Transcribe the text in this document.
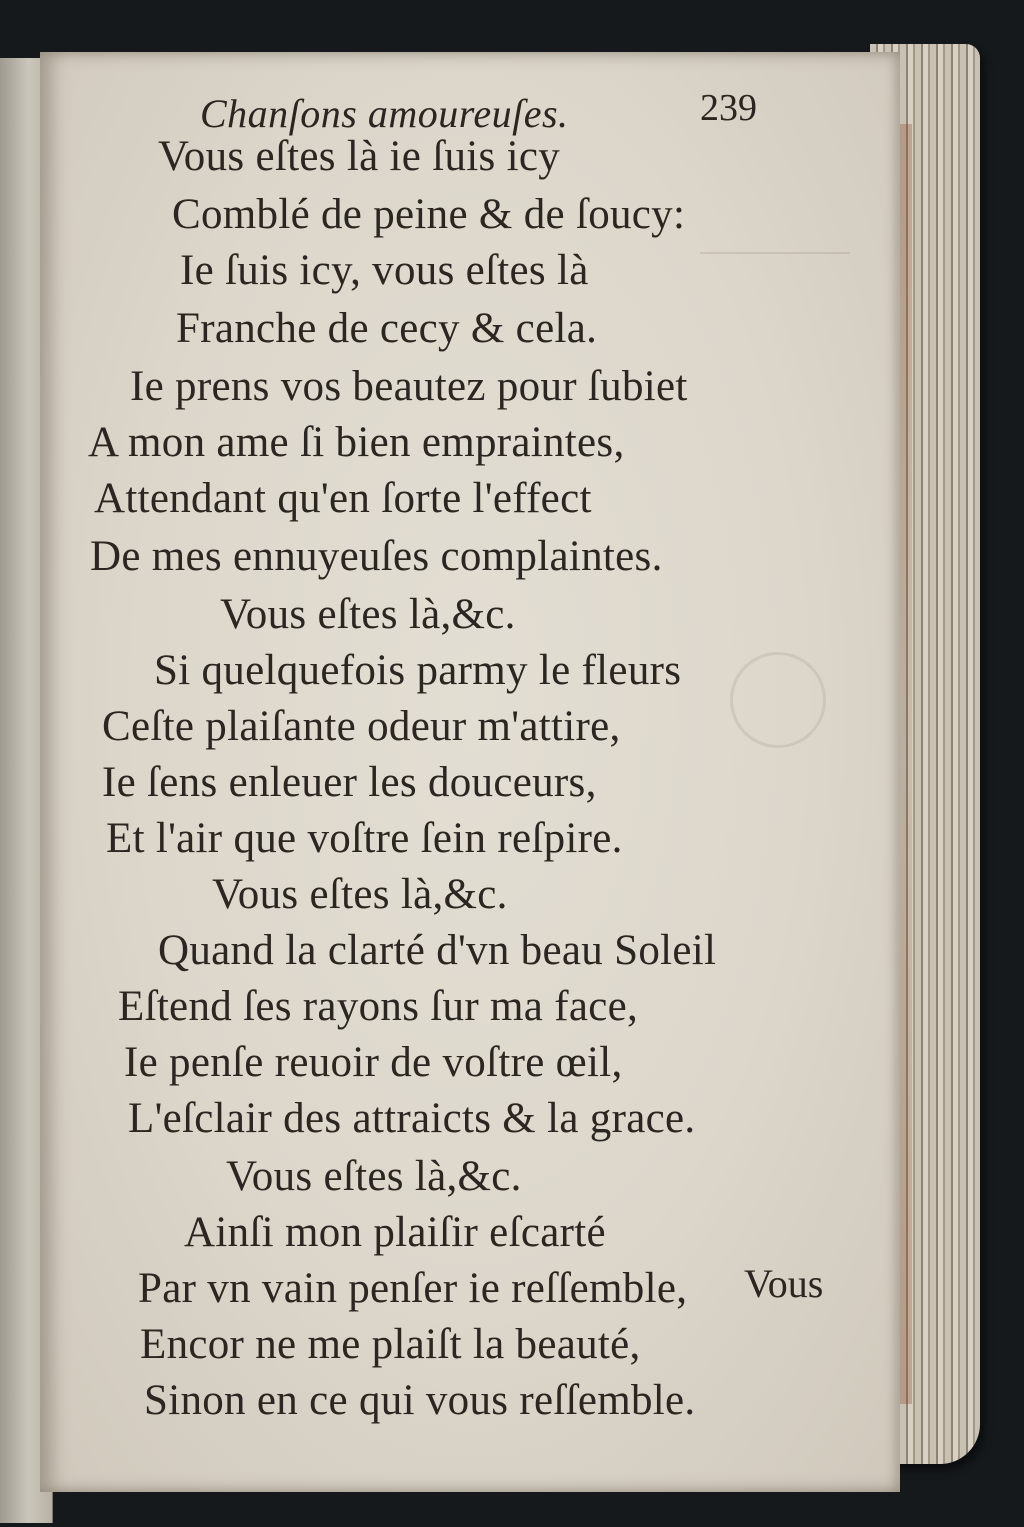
Chanſons amoureuſes.	239

Vous eſtes là ie ſuis icy

Comblé de peine & de ſoucy:

Ie ſuis icy, vous eſtes là

Franche de cecy & cela.

Ie prens vos beautez pour ſubiet

A mon ame ſi bien empraintes,

Attendant qu'en ſorte l'effect

De mes ennuyeuſes complaintes.

Vous eſtes là,&c.

Si quelquefois parmy le fleurs

Ceſte plaiſante odeur m'attire,

Ie ſens enleuer les douceurs,

Et l'air que voſtre ſein reſpire.

Vous eſtes là,&c.

Quand la clarté d'vn beau Soleil

Eſtend ſes rayons ſur ma face,

Ie penſe reuoir de voſtre œil,

L'eſclair des attraicts & la grace.

Vous eſtes là,&c.

Ainſi mon plaiſir eſcarté

Par vn vain penſer ie reſſemble,

Encor ne me plaiſt la beauté,

Sinon en ce qui vous reſſemble.

Vous
